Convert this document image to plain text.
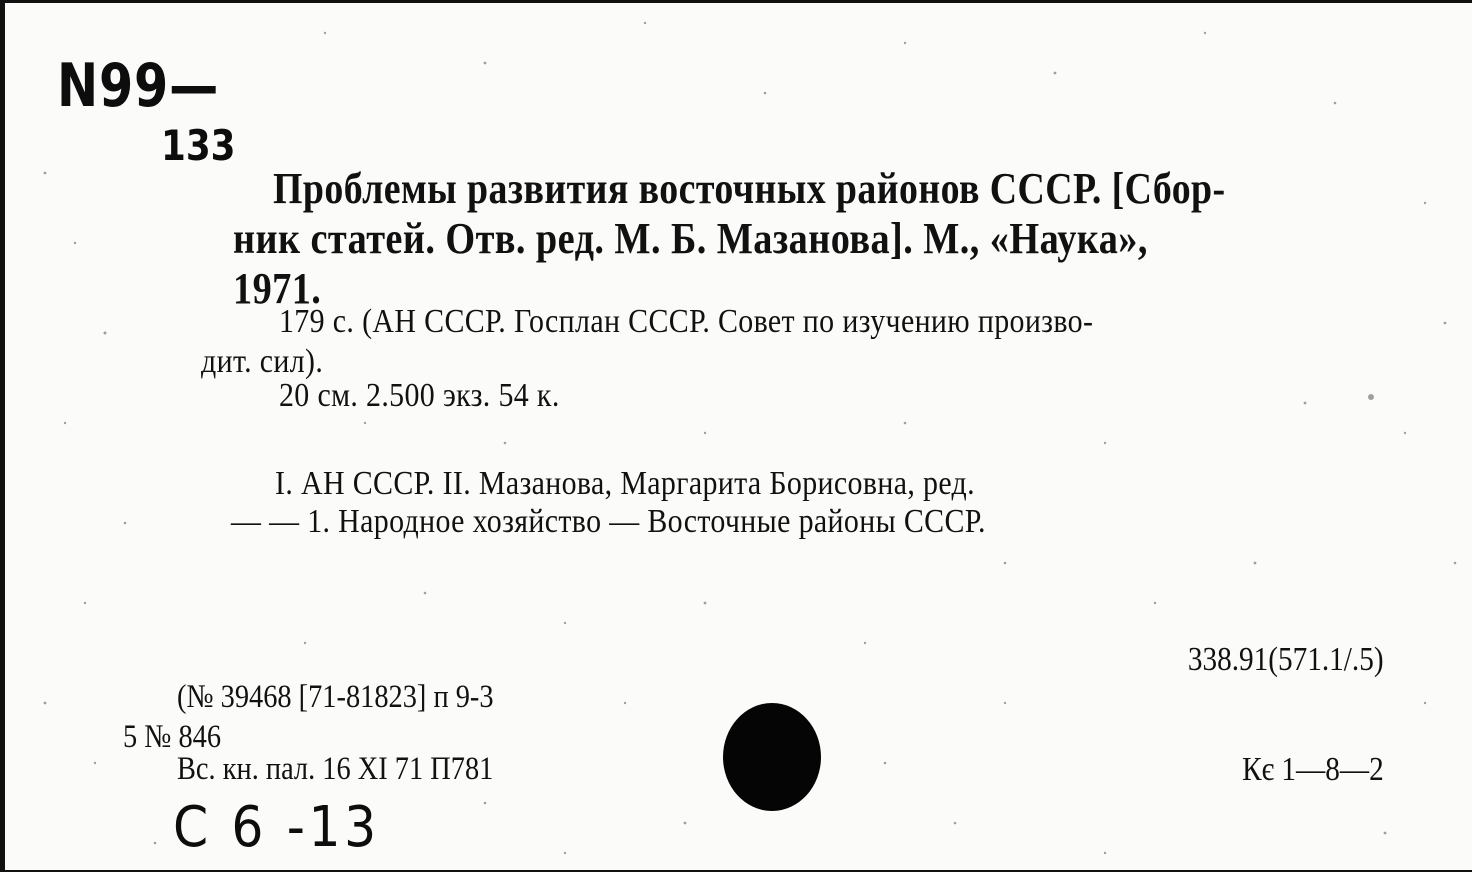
Ν99—
133
Проблемы развития восточных районов СССР. [Сбор-
ник статей. Отв. ред. М. Б. Мазанова]. М., «Наука»,
1971.
179 с. (АН СССР. Госплан СССР. Совет по изучению произво-
дит. сил).
20 см. 2.500 экз. 54 к.
I. АН СССР. II. Мазанова, Маргарита Борисовна, ред.
— — 1. Народное хозяйство — Восточные районы СССР.
338.91(571.1/.5)
(№ 39468 [71-81823] п 9-3
5 № 846
Вс. кн. пал. 16 XI 71 П781	Кє 1—8—2
C 6 -13
